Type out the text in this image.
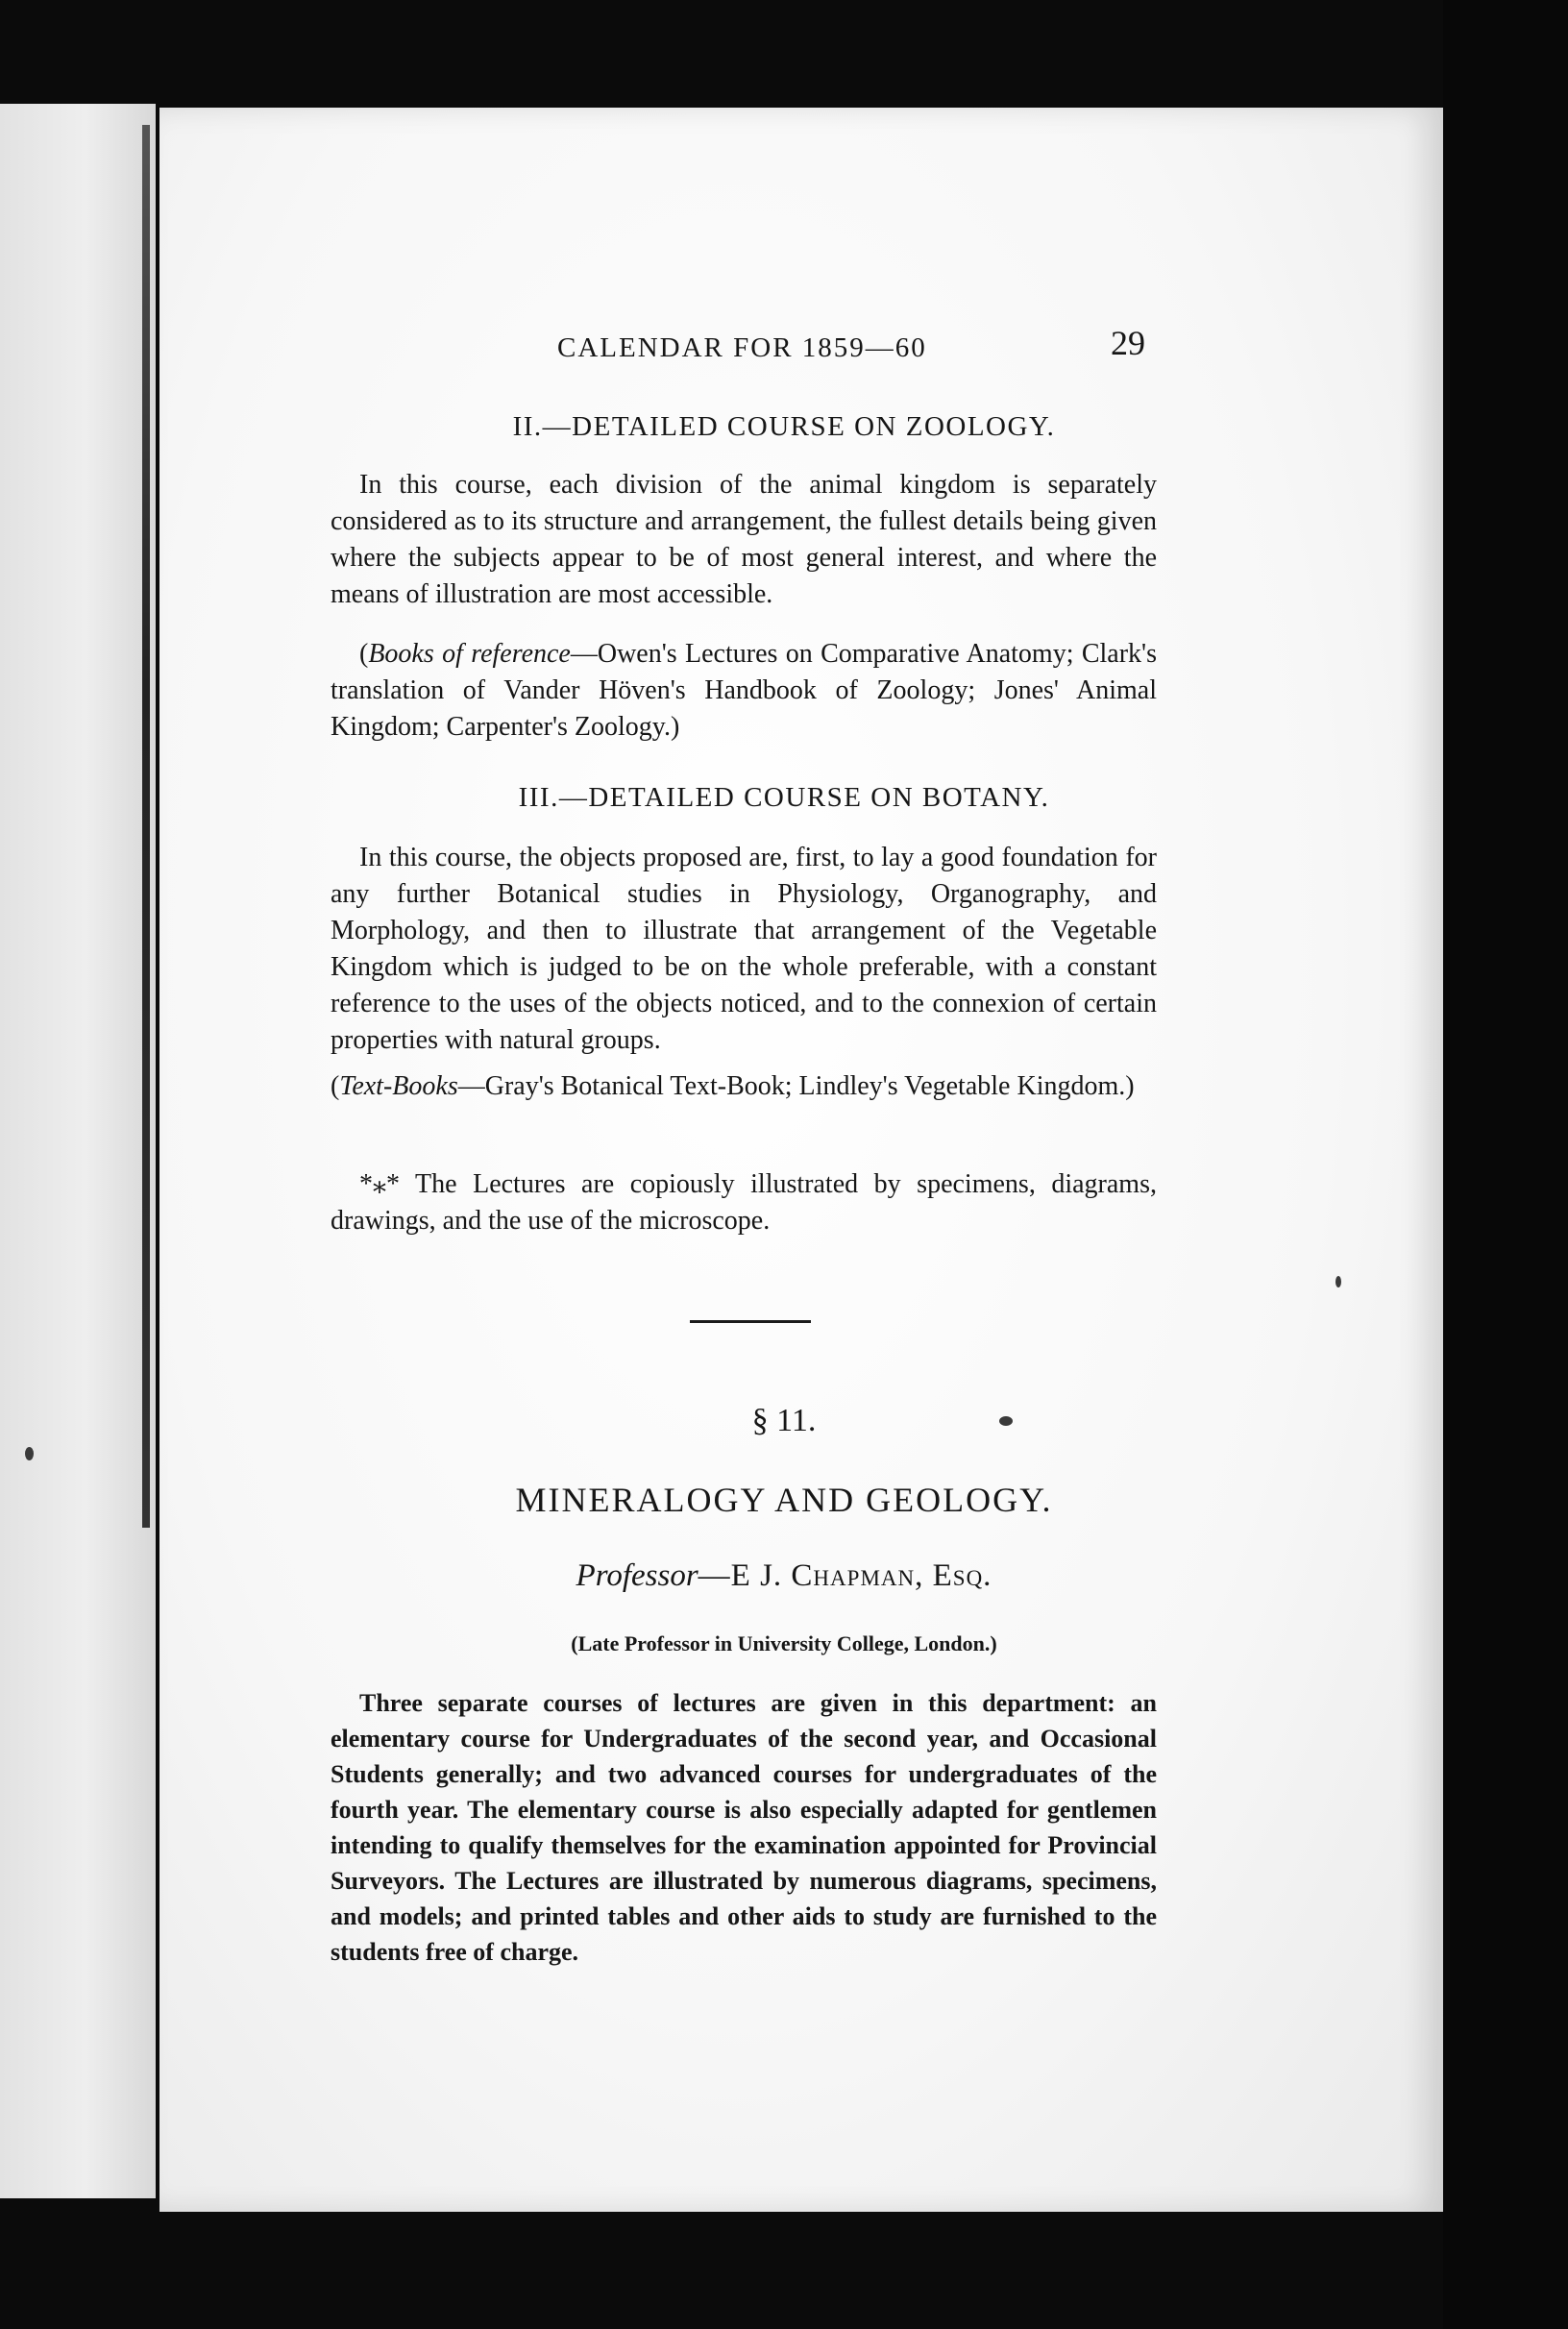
CALENDAR FOR 1859—60	29
II.—DETAILED COURSE ON ZOOLOGY.

In this course, each division of the animal kingdom is separately considered as to its structure and arrangement, the fullest details being given where the subjects appear to be of most general interest, and where the means of illustration are most accessible.

(Books of reference—Owen's Lectures on Comparative Anatomy; Clark's translation of Vander Höven's Handbook of Zoology; Jones' Animal Kingdom; Carpenter's Zoology.)

III.—DETAILED COURSE ON BOTANY.

In this course, the objects proposed are, first, to lay a good foundation for any further Botanical studies in Physiology, Organography, and Morphology, and then to illustrate that arrangement of the Vegetable Kingdom which is judged to be on the whole preferable, with a constant reference to the uses of the objects noticed, and to the connexion of certain properties with natural groups.

(Text-Books—Gray's Botanical Text-Book; Lindley's Vegetable Kingdom.)

*⁎* The Lectures are copiously illustrated by specimens, diagrams, drawings, and the use of the microscope.

§ 11.
MINERALOGY AND GEOLOGY.
Professor—E J. Chapman, Esq.
(Late Professor in University College, London.)

Three separate courses of lectures are given in this department: an elementary course for Undergraduates of the second year, and Occasional Students generally; and two advanced courses for undergraduates of the fourth year. The elementary course is also especially adapted for gentlemen intending to qualify themselves for the examination appointed for Provincial Surveyors. The Lectures are illustrated by numerous diagrams, specimens, and models; and printed tables and other aids to study are furnished to the students free of charge.
